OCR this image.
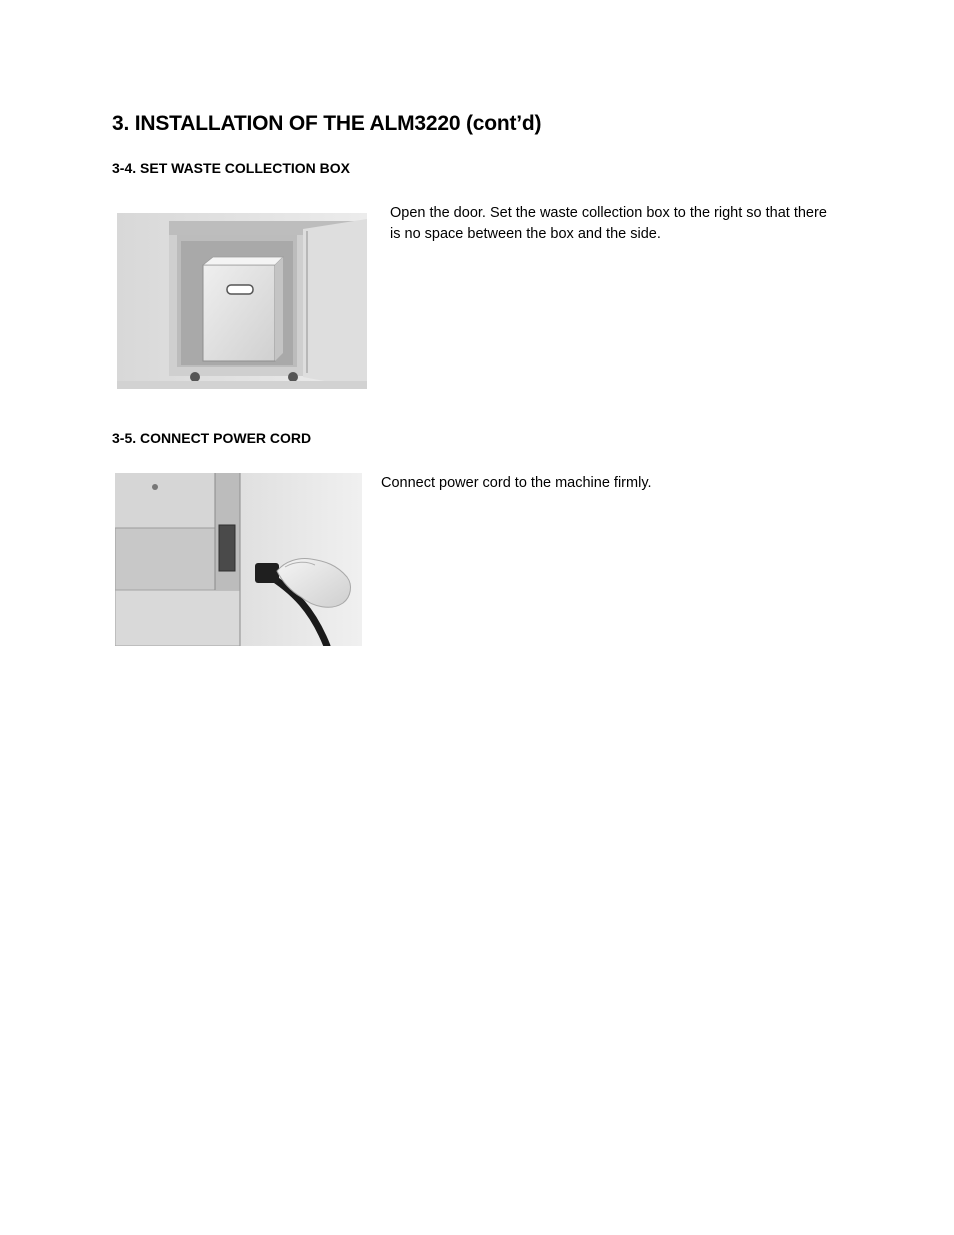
3. INSTALLATION OF THE ALM3220 (cont’d)
3-4. SET WASTE COLLECTION BOX

Open the door. Set the waste collection box to the right so that there is no space between the box and the side.

3-5. CONNECT POWER CORD

Connect power cord to the machine firmly.
